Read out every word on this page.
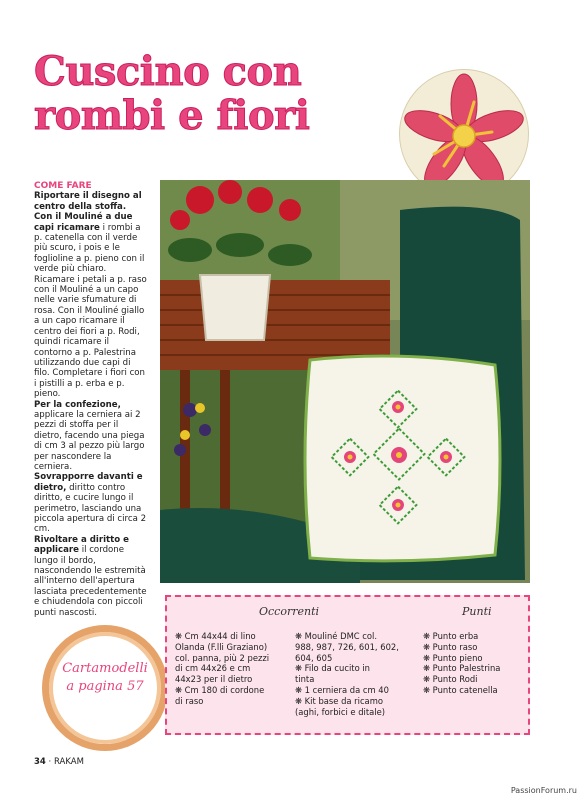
Cuscino con
rombi e fiori
COME FARE

Riportare il disegno al centro della stoffa.

Con il Mouliné a due capi ricamare i rombi a p. catenella con il verde più scuro, i pois e le foglioline a p. pieno con il verde più chiaro. Ricamare i petali a p. raso con il Mouliné a un capo nelle varie sfumature di rosa. Con il Mouliné giallo a un capo ricamare il centro dei fiori a p. Rodi, quindi ricamare il contorno a p. Palestrina utilizzando due capi di filo. Completare i fiori con i pistilli a p. erba e p. pieno.

Per la confezione, applicare la cerniera ai 2 pezzi di stoffa per il dietro, facendo una piega di cm 3 al pezzo più largo per nascondere la cerniera.

Sovrapporre davanti e dietro, diritto contro diritto, e cucire lungo il perimetro, lasciando una piccola apertura di circa 2 cm.

Rivoltare a diritto e applicare il cordone lungo il bordo, nascondendo le estremità all'interno dell'apertura lasciata precedentemente e chiudendola con piccoli punti nascosti.

Cartamodelli
a pagina 57
Occorrenti	Punti
❋ Cm 44x44 di lino
Olanda (F.lli Graziano)
col. panna, più 2 pezzi
di cm 44x26 e cm
44x23 per il dietro
❋ Cm 180 di cordone
di raso
❋ Mouliné DMC col.
988, 987, 726, 601, 602,
604, 605
❋ Filo da cucito in
tinta
❋ 1 cerniera da cm 40
❋ Kit base da ricamo
(aghi, forbici e ditale)
❋ Punto erba
❋ Punto raso
❋ Punto pieno
❋ Punto Palestrina
❋ Punto Rodi
❋ Punto catenella
34 · RAKAM
PassionForum.ru
